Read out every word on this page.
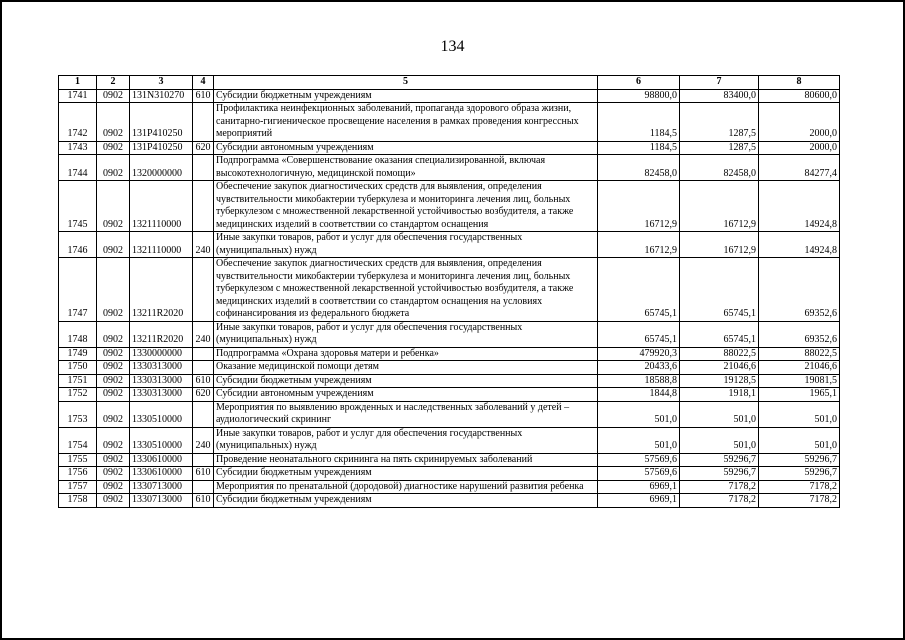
134
1	2	3	4	5	6	7	8
1741	0902	131N310270	610	Субсидии бюджетным учреждениям	98800,0	83400,0	80600,0
1742	0902	131P410250		Профилактика неинфекционных заболеваний, пропаганда здорового образа жизни, санитарно-гигиеническое просвещение населения в рамках проведения конгрессных мероприятий	1184,5	1287,5	2000,0
1743	0902	131P410250	620	Субсидии автономным учреждениям	1184,5	1287,5	2000,0
1744	0902	1320000000		Подпрограмма «Совершенствование оказания специализированной, включая высокотехнологичную, медицинской помощи»	82458,0	82458,0	84277,4
1745	0902	1321110000		Обеспечение закупок диагностических средств для выявления, определения чувствительности микобактерии туберкулеза и мониторинга лечения лиц, больных туберкулезом с множественной лекарственной устойчивостью возбудителя, а также медицинских изделий в соответствии со стандартом оснащения	16712,9	16712,9	14924,8
1746	0902	1321110000	240	Иные закупки товаров, работ и услуг для обеспечения государственных (муниципальных) нужд	16712,9	16712,9	14924,8
1747	0902	13211R2020		Обеспечение закупок диагностических средств для выявления, определения чувствительности микобактерии туберкулеза и мониторинга лечения лиц, больных туберкулезом с множественной лекарственной устойчивостью возбудителя, а также медицинских изделий в соответствии со стандартом оснащения на условиях софинансирования из федерального бюджета	65745,1	65745,1	69352,6
1748	0902	13211R2020	240	Иные закупки товаров, работ и услуг для обеспечения государственных (муниципальных) нужд	65745,1	65745,1	69352,6
1749	0902	1330000000		Подпрограмма «Охрана здоровья матери и ребенка»	479920,3	88022,5	88022,5
1750	0902	1330313000		Оказание медицинской помощи детям	20433,6	21046,6	21046,6
1751	0902	1330313000	610	Субсидии бюджетным учреждениям	18588,8	19128,5	19081,5
1752	0902	1330313000	620	Субсидии автономным учреждениям	1844,8	1918,1	1965,1
1753	0902	1330510000		Мероприятия по выявлению врожденных и наследственных заболеваний у детей – аудиологический скрининг	501,0	501,0	501,0
1754	0902	1330510000	240	Иные закупки товаров, работ и услуг для обеспечения государственных (муниципальных) нужд	501,0	501,0	501,0
1755	0902	1330610000		Проведение неонатального скрининга на пять скринируемых заболеваний	57569,6	59296,7	59296,7
1756	0902	1330610000	610	Субсидии бюджетным учреждениям	57569,6	59296,7	59296,7
1757	0902	1330713000		Мероприятия по пренатальной (дородовой) диагностике нарушений развития ребенка	6969,1	7178,2	7178,2
1758	0902	1330713000	610	Субсидии бюджетным учреждениям	6969,1	7178,2	7178,2
